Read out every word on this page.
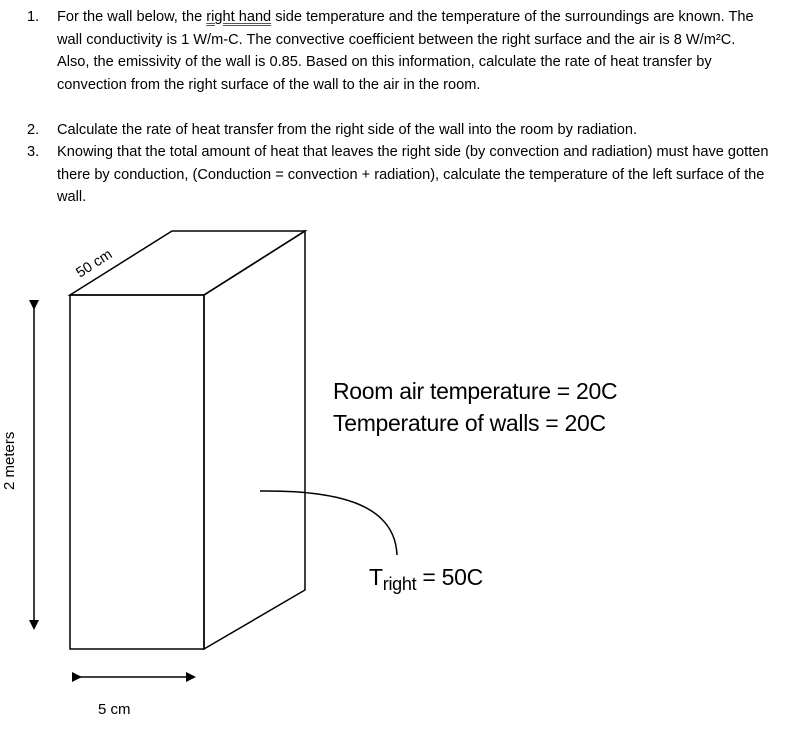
1. For the wall below, the right hand side temperature and the temperature of the surroundings are known. The wall conductivity is 1 W/m-C. The convective coefficient between the right surface and the air is 8 W/m²C. Also, the emissivity of the wall is 0.85. Based on this information, calculate the rate of heat transfer by convection from the right surface of the wall to the air in the room.
2. Calculate the rate of heat transfer from the right side of the wall into the room by radiation.
3. Knowing that the total amount of heat that leaves the right side (by convection and radiation) must have gotten there by conduction, (Conduction = convection + radiation), calculate the temperature of the left surface of the wall.
50 cm
2 meters
5 cm
Room air temperature = 20C
Temperature of walls = 20C
$T_{right} = 50C$
